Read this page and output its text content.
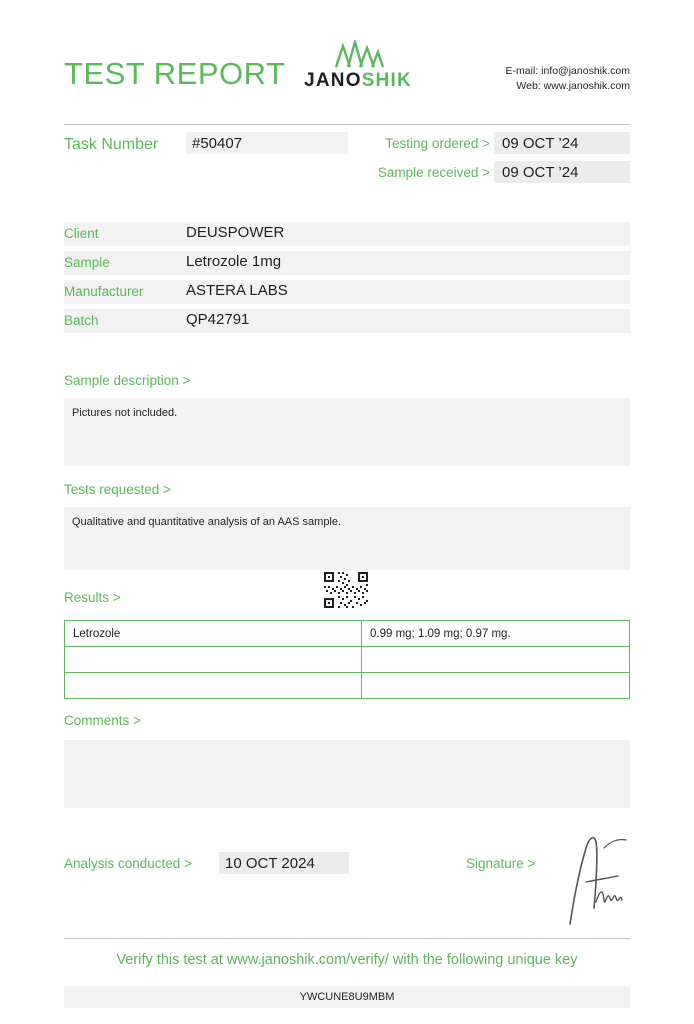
TEST REPORT JANOSHIK	E-mail: info@janoshik.com
Web: www.janoshik.com
Task Number	#50407	Testing ordered > 09 OCT ’24
Sample received > 09 OCT ’24
Client	DEUSPOWER
Sample	Letrozole 1mg
Manufacturer	ASTERA LABS
Batch	QP42791
Sample description >
Pictures not included.
Tests requested >
Qualitative and quantitative analysis of an AAS sample.
Results >
Letrozole	0.99 mg; 1.09 mg; 0.97 mg.

Comments >
Analysis conducted >	10 OCT 2024	Signature >
Verify this test at www.janoshik.com/verify/ with the following unique key
YWCUNE8U9MBM
